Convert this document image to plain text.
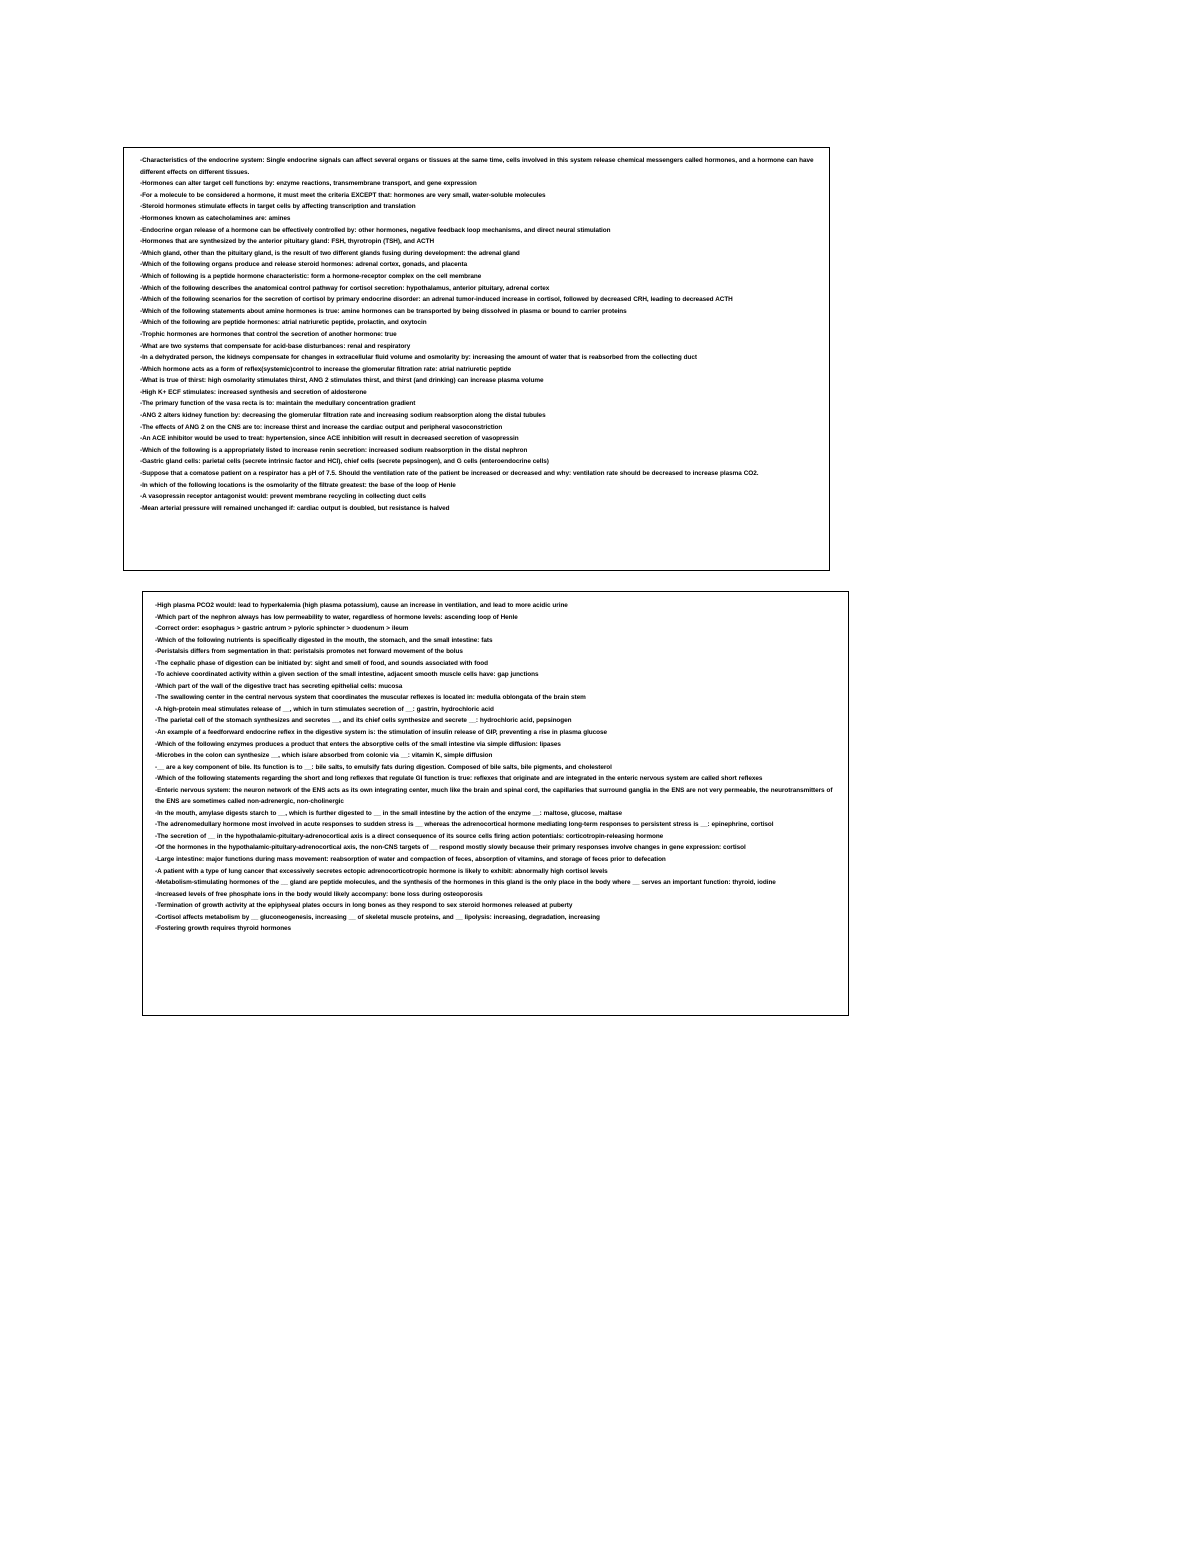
-Characteristics of the endocrine system: Single endocrine signals can affect several organs or tissues at the same time, cells involved in this system release chemical messengers called hormones, and a hormone can have different effects on different tissues.
-Hormones can alter target cell functions by: enzyme reactions, transmembrane transport, and gene expression
-For a molecule to be considered a hormone, it must meet the criteria EXCEPT that: hormones are very small, water-soluble molecules
-Steroid hormones stimulate effects in target cells by affecting transcription and translation
-Hormones known as catecholamines are: amines
-Endocrine organ release of a hormone can be effectively controlled by: other hormones, negative feedback loop mechanisms, and direct neural stimulation
-Hormones that are synthesized by the anterior pituitary gland: FSH, thyrotropin (TSH), and ACTH
-Which gland, other than the pituitary gland, is the result of two different glands fusing during development: the adrenal gland
-Which of the following organs produce and release steroid hormones: adrenal cortex, gonads, and placenta
-Which of following is a peptide hormone characteristic: form a hormone-receptor complex on the cell membrane
-Which of the following describes the anatomical control pathway for cortisol secretion: hypothalamus, anterior pituitary, adrenal cortex
-Which of the following scenarios for the secretion of cortisol by primary endocrine disorder: an adrenal tumor-induced increase in cortisol, followed by decreased CRH, leading to decreased ACTH
-Which of the following statements about amine hormones is true: amine hormones can be transported by being dissolved in plasma or bound to carrier proteins
-Which of the following are peptide hormones: atrial natriuretic peptide, prolactin, and oxytocin
-Trophic hormones are hormones that control the secretion of another hormone: true
-What are two systems that compensate for acid-base disturbances: renal and respiratory
-In a dehydrated person, the kidneys compensate for changes in extracellular fluid volume and osmolarity by: increasing the amount of water that is reabsorbed from the collecting duct
-Which hormone acts as a form of reflex(systemic)control to increase the glomerular filtration rate: atrial natriuretic peptide
-What is true of thirst: high osmolarity stimulates thirst, ANG 2 stimulates thirst, and thirst (and drinking) can increase plasma volume
-High K+ ECF stimulates: increased synthesis and secretion of aldosterone
-The primary function of the vasa recta is to: maintain the medullary concentration gradient
-ANG 2 alters kidney function by: decreasing the glomerular filtration rate and increasing sodium reabsorption along the distal tubules
-The effects of ANG 2 on the CNS are to: increase thirst and increase the cardiac output and peripheral vasoconstriction
-An ACE inhibitor would be used to treat: hypertension, since ACE inhibition will result in decreased secretion of vasopressin
-Which of the following is a appropriately listed to increase renin secretion: increased sodium reabsorption in the distal nephron
-Gastric gland cells: parietal cells (secrete intrinsic factor and HCl), chief cells (secrete pepsinogen), and G cells (enteroendocrine cells)
-Suppose that a comatose patient on a respirator has a pH of 7.5. Should the ventilation rate of the patient be increased or decreased and why: ventilation rate should be decreased to increase plasma CO2.
-In which of the following locations is the osmolarity of the filtrate greatest: the base of the loop of Henle
-A vasopressin receptor antagonist would: prevent membrane recycling in collecting duct cells
-Mean arterial pressure will remained unchanged if: cardiac output is doubled, but resistance is halved
-High plasma PCO2 would: lead to hyperkalemia (high plasma potassium), cause an increase in ventilation, and lead to more acidic urine
-Which part of the nephron always has low permeability to water, regardless of hormone levels: ascending loop of Henle
-Correct order: esophagus > gastric antrum > pyloric sphincter > duodenum > ileum
-Which of the following nutrients is specifically digested in the mouth, the stomach, and the small intestine: fats
-Peristalsis differs from segmentation in that: peristalsis promotes net forward movement of the bolus
-The cephalic phase of digestion can be initiated by: sight and smell of food, and sounds associated with food
-To achieve coordinated activity within a given section of the small intestine, adjacent smooth muscle cells have: gap junctions
-Which part of the wall of the digestive tract has secreting epithelial cells: mucosa
-The swallowing center in the central nervous system that coordinates the muscular reflexes is located in: medulla oblongata of the brain stem
-A high-protein meal stimulates release of __, which in turn stimulates secretion of __: gastrin, hydrochloric acid
-The parietal cell of the stomach synthesizes and secretes __, and its chief cells synthesize and secrete __: hydrochloric acid, pepsinogen
-An example of a feedforward endocrine reflex in the digestive system is: the stimulation of insulin release of GIP, preventing a rise in plasma glucose
-Which of the following enzymes produces a product that enters the absorptive cells of the small intestine via simple diffusion: lipases
-Microbes in the colon can synthesize __, which is/are absorbed from colonic via __: vitamin K, simple diffusion
-__ are a key component of bile. Its function is to __: bile salts, to emulsify fats during digestion. Composed of bile salts, bile pigments, and cholesterol
-Which of the following statements regarding the short and long reflexes that regulate GI function is true: reflexes that originate and are integrated in the enteric nervous system are called short reflexes
-Enteric nervous system: the neuron network of the ENS acts as its own integrating center, much like the brain and spinal cord, the capillaries that surround ganglia in the ENS are not very permeable, the neurotransmitters of the ENS are sometimes called non-adrenergic, non-cholinergic
-In the mouth, amylase digests starch to __, which is further digested to __ in the small intestine by the action of the enzyme __: maltose, glucose, maltase
-The adrenomedullary hormone most involved in acute responses to sudden stress is __ whereas the adrenocortical hormone mediating long-term responses to persistent stress is __: epinephrine, cortisol
-The secretion of __ in the hypothalamic-pituitary-adrenocortical axis is a direct consequence of its source cells firing action potentials: corticotropin-releasing hormone
-Of the hormones in the hypothalamic-pituitary-adrenocortical axis, the non-CNS targets of __ respond mostly slowly because their primary responses involve changes in gene expression: cortisol
-Large intestine: major functions during mass movement: reabsorption of water and compaction of feces, absorption of vitamins, and storage of feces prior to defecation
-A patient with a type of lung cancer that excessively secretes ectopic adrenocorticotropic hormone is likely to exhibit: abnormally high cortisol levels
-Metabolism-stimulating hormones of the __ gland are peptide molecules, and the synthesis of the hormones in this gland is the only place in the body where __ serves an important function: thyroid, iodine
-Increased levels of free phosphate ions in the body would likely accompany: bone loss during osteoporosis
-Termination of growth activity at the epiphyseal plates occurs in long bones as they respond to sex steroid hormones released at puberty
-Cortisol affects metabolism by __ gluconeogenesis, increasing __ of skeletal muscle proteins, and __ lipolysis: increasing, degradation, increasing
-Fostering growth requires thyroid hormones
